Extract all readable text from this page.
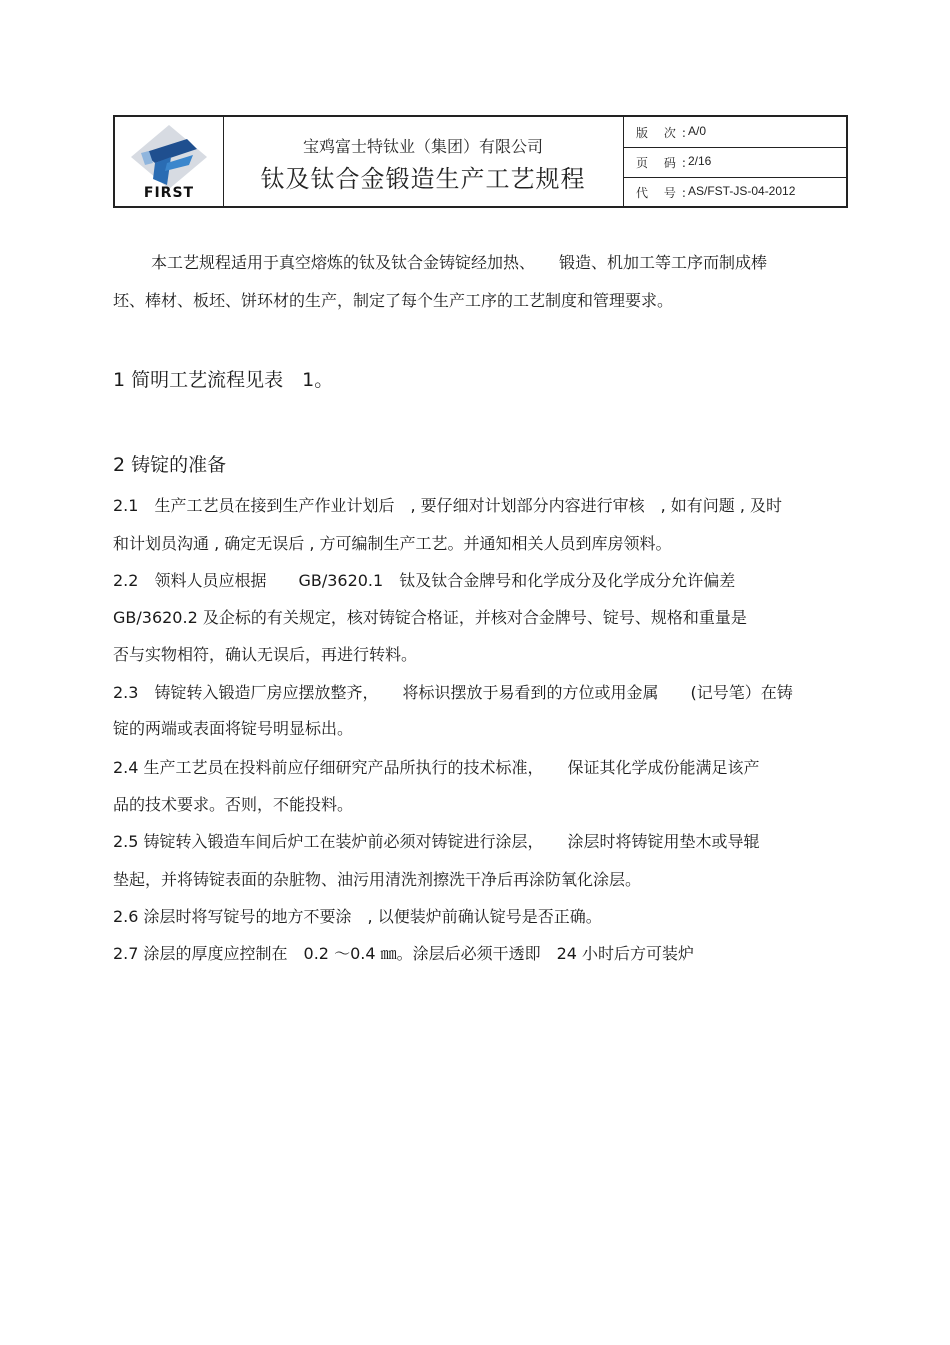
FIRST
宝鸡富士特钛业（集团）有限公司
钛及钛合金锻造生产工艺规程
版 次:
A/0
页 码:
2/16
代 号:
AS/FST-JS-04-2012
本工艺规程适用于真空熔炼的钛及钛合金铸锭经加热、　　锻造、机加工等工序而制成棒
坯、棒材、板坯、饼环材的生产，制定了每个生产工序的工艺制度和管理要求。
1 简明工艺流程见表　1。
2 铸锭的准备
2.1　生产工艺员在接到生产作业计划后　, 要仔细对计划部分内容进行审核　, 如有问题 , 及时
和计划员沟通 , 确定无误后 , 方可编制生产工艺。并通知相关人员到库房领料。
2.2　领料人员应根据　　GB/3620.1　钛及钛合金牌号和化学成分及化学成分允许偏差
GB/3620.2 及企标的有关规定，核对铸锭合格证，并核对合金牌号、锭号、规格和重量是
否与实物相符，确认无误后，再进行转料。
2.3　铸锭转入锻造厂房应摆放整齐，　　将标识摆放于易看到的方位或用金属　　(记号笔）在铸
锭的两端或表面将锭号明显标出。
2.4 生产工艺员在投料前应仔细研究产品所执行的技术标准，　　保证其化学成份能满足该产
品的技术要求。否则，不能投料。
2.5 铸锭转入锻造车间后炉工在装炉前必须对铸锭进行涂层，　　涂层时将铸锭用垫木或导辊
垫起，并将铸锭表面的杂脏物、油污用清洗剂擦洗干净后再涂防氧化涂层。
2.6 涂层时将写锭号的地方不要涂　, 以便装炉前确认锭号是否正确。
2.7 涂层的厚度应控制在　0.2 ～0.4 ㎜。涂层后必须干透即　24 小时后方可装炉
